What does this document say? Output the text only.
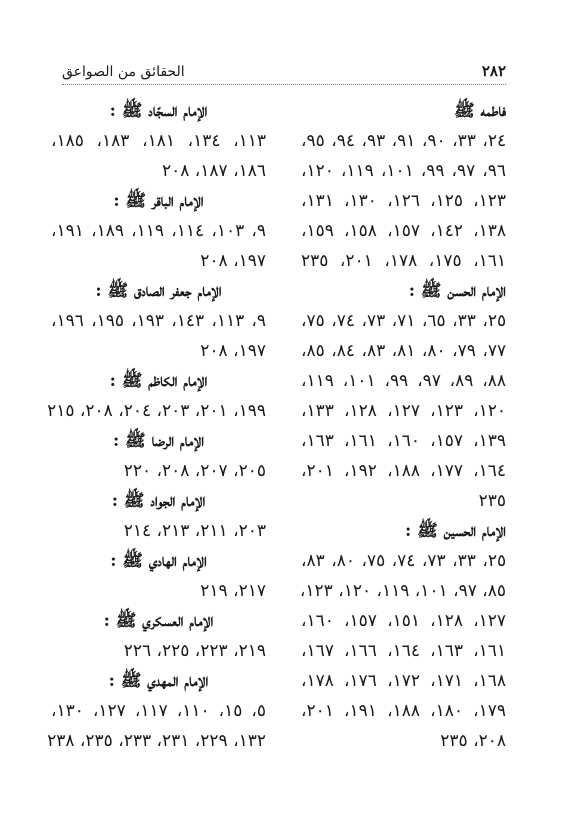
٢٨٢
الحقائق من الصواعق
فاطمه ﷺ
٢٤، ٣٣، ٩٠، ٩١، ٩٣، ٩٤، ٩٥،
٩٦، ٩٧، ٩٩، ١٠١، ١١٩، ١٢٠،
١٢٣، ١٢٥، ١٢٦، ١٣٠، ١٣١،
١٣٨، ١٤٢، ١٥٧، ١٥٨، ١٥٩،
١٦١، ١٧٥، ١٧٨، ٢٠١، ٢٣٥
الإمام الحسن ﷺ :
٢٥، ٣٣، ٦٥، ٧١، ٧٣، ٧٤، ٧٥،
٧٧، ٧٩، ٨٠، ٨١، ٨٣، ٨٤، ٨٥،
٨٨، ٨٩، ٩٧، ٩٩، ١٠١، ١١٩،
١٢٠، ١٢٣، ١٢٧، ١٢٨، ١٣٣،
١٣٩، ١٥٧، ١٦٠، ١٦١، ١٦٣،
١٦٤، ١٧٧، ١٨٨، ١٩٢، ٢٠١،
٢٣٥
الإمام الحسين ﷺ :
٢٥، ٣٣، ٧٣، ٧٤، ٧٥، ٨٠، ٨٣،
٨٥، ٩٧، ١٠١، ١١٩، ١٢٠، ١٢٣،
١٢٧، ١٢٨، ١٥١، ١٥٧، ١٦٠،
١٦١، ١٦٣، ١٦٤، ١٦٦، ١٦٧،
١٦٨، ١٧١، ١٧٢، ١٧٦، ١٧٨،
١٧٩، ١٨٠، ١٨٨، ١٩١، ٢٠١،
٢٠٨، ٢٣٥
الإمام السجّاد ﷺ :
١١٣، ١٣٤، ١٨١، ١٨٣، ١٨٥،
١٨٦، ١٨٧، ٢٠٨
الإمام الباقر ﷺ :
٩، ١٠٣، ١١٤، ١١٩، ١٨٩، ١٩١،
١٩٧، ٢٠٨
الإمام جعفر الصادق ﷺ :
٩، ١١٣، ١٤٣، ١٩٣، ١٩٥، ١٩٦،
١٩٧، ٢٠٨
الإمام الكاظم ﷺ :
١٩٩، ٢٠١، ٢٠٣، ٢٠٤، ٢٠٨، ٢١٥
الإمام الرضا ﷺ :
٢٠٥، ٢٠٧، ٢٠٨، ٢٢٠
الإمام الجواد ﷺ :
٢٠٣، ٢١١، ٢١٣، ٢١٤
الإمام الهادي ﷺ :
٢١٧، ٢١٩
الإمام العسكري ﷺ :
٢١٩، ٢٢٣، ٢٢٥، ٢٢٦
الإمام المهدي ﷺ :
٥، ١٥، ١١٠، ١١٧، ١٢٧، ١٣٠،
١٣٢، ٢٢٩، ٢٣١، ٢٣٣، ٢٣٥، ٢٣٨
